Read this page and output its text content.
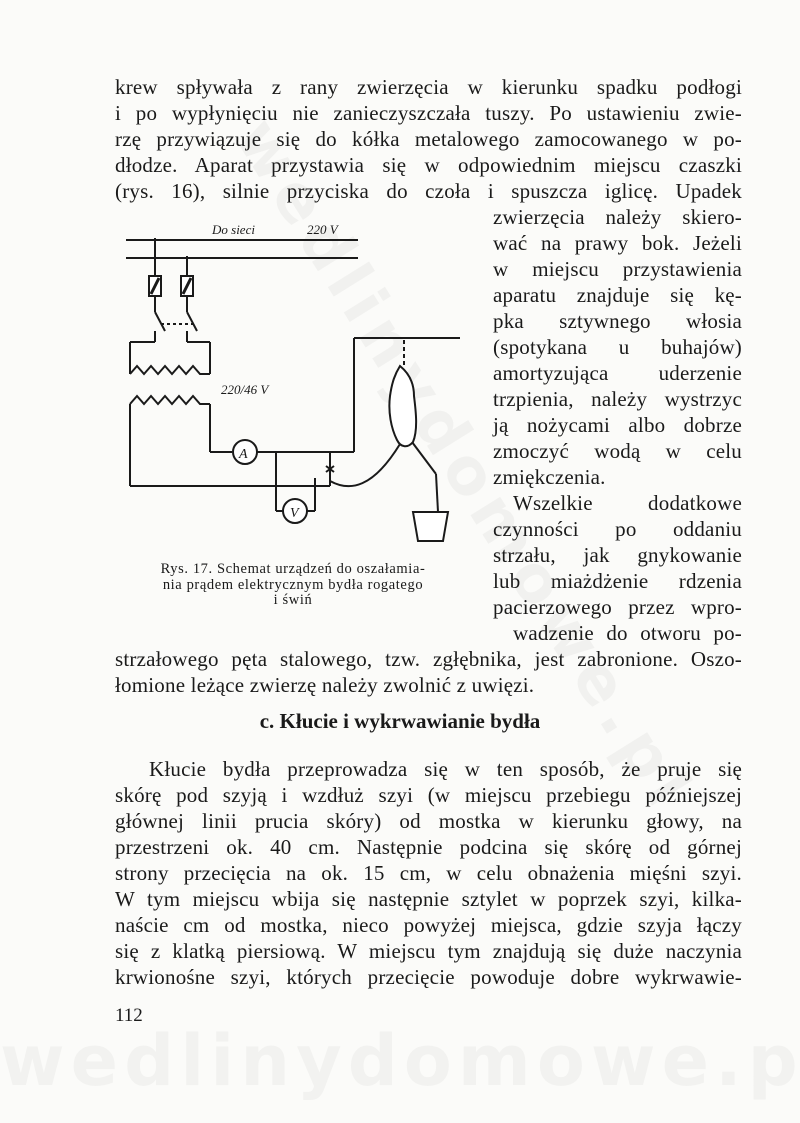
krew spływała z rany zwierzęcia w kierunku spadku podłogi
i po wypłynięciu nie zanieczyszczała tuszy. Po ustawieniu zwie-
rzę przywiązuje się do kółka metalowego zamocowanego w po-
dłodze. Aparat przystawia się w odpowiednim miejscu czaszki
(rys. 16), silnie przyciska do czoła i spuszcza iglicę. Upadek
zwierzęcia należy skiero-
wać na prawy bok. Jeżeli
w miejscu przystawienia
aparatu znajduje się kę-
pka sztywnego włosia
(spotykana u buhajów)
amortyzująca uderzenie
trzpienia, należy wystrzyc
ją nożycami albo dobrze
zmoczyć wodą w celu
zmiękczenia.
Wszelkie dodatkowe
czynności po oddaniu
strzału, jak gnykowanie
lub miażdżenie rdzenia
pacierzowego przez wpro-
wadzenie do otworu po-
strzałowego pęta stalowego, tzw. zgłębnika, jest zabronione. Oszo-
łomione leżące zwierzę należy zwolnić z uwięzi.
Do sieci	220 V
220/46 V
A
V
Rys. 17. Schemat urządzeń do oszałamia-
nia prądem elektrycznym bydła rogatego
i świń
c. Kłucie i wykrwawianie bydła
Kłucie bydła przeprowadza się w ten sposób, że pruje się
skórę pod szyją i wzdłuż szyi (w miejscu przebiegu późniejszej
głównej linii prucia skóry) od mostka w kierunku głowy, na
przestrzeni ok. 40 cm. Następnie podcina się skórę od górnej
strony przecięcia na ok. 15 cm, w celu obnażenia mięśni szyi.
W tym miejscu wbija się następnie sztylet w poprzek szyi, kilka-
naście cm od mostka, nieco powyżej miejsca, gdzie szyja łączy
się z klatką piersiową. W miejscu tym znajdują się duże naczynia
krwionośne szyi, których przecięcie powoduje dobre wykrwawie-
112
